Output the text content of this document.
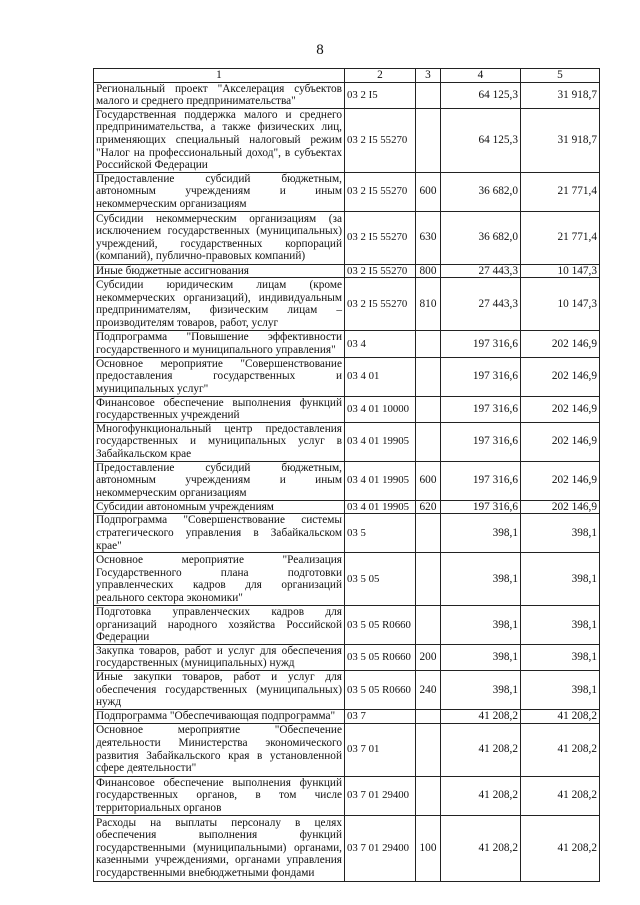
8
1	2	3	4	5
Региональный проект "Акселерация субъектов малого и среднего предпринимательства"	03 2 I5		64 125,3	31 918,7
Государственная поддержка малого и среднего предпринимательства, а также физических лиц, применяющих специальный налоговый режим "Налог на профессиональный доход", в субъектах Российской Федерации	03 2 I5 55270		64 125,3	31 918,7
Предоставление субсидий бюджетным, автономным учреждениям и иным некоммерческим организациям	03 2 I5 55270	600	36 682,0	21 771,4
Субсидии некоммерческим организациям (за исключением государственных (муниципальных) учреждений, государственных корпораций (компаний), публично-правовых компаний)	03 2 I5 55270	630	36 682,0	21 771,4
Иные бюджетные ассигнования	03 2 I5 55270	800	27 443,3	10 147,3
Субсидии юридическим лицам (кроме некоммерческих организаций), индивидуальным предпринимателям, физическим лицам – производителям товаров, работ, услуг	03 2 I5 55270	810	27 443,3	10 147,3
Подпрограмма "Повышение эффективности государственного и муниципального управления"	03 4		197 316,6	202 146,9
Основное мероприятие "Совершенствование предоставления государственных и муниципальных услуг"	03 4 01		197 316,6	202 146,9
Финансовое обеспечение выполнения функций государственных учреждений	03 4 01 10000		197 316,6	202 146,9
Многофункциональный центр предоставления государственных и муниципальных услуг в Забайкальском крае	03 4 01 19905		197 316,6	202 146,9
Предоставление субсидий бюджетным, автономным учреждениям и иным некоммерческим организациям	03 4 01 19905	600	197 316,6	202 146,9
Субсидии автономным учреждениям	03 4 01 19905	620	197 316,6	202 146,9
Подпрограмма "Совершенствование системы стратегического управления в Забайкальском крае"	03 5		398,1	398,1
Основное мероприятие "Реализация Государственного плана подготовки управленческих кадров для организаций реального сектора экономики"	03 5 05		398,1	398,1
Подготовка управленческих кадров для организаций народного хозяйства Российской Федерации	03 5 05 R0660		398,1	398,1
Закупка товаров, работ и услуг для обеспечения государственных (муниципальных) нужд	03 5 05 R0660	200	398,1	398,1
Иные закупки товаров, работ и услуг для обеспечения государственных (муниципальных) нужд	03 5 05 R0660	240	398,1	398,1
Подпрограмма "Обеспечивающая подпрограмма"	03 7		41 208,2	41 208,2
Основное мероприятие "Обеспечение деятельности Министерства экономического развития Забайкальского края в установленной сфере деятельности"	03 7 01		41 208,2	41 208,2
Финансовое обеспечение выполнения функций государственных органов, в том числе территориальных органов	03 7 01 29400		41 208,2	41 208,2
Расходы на выплаты персоналу в целях обеспечения выполнения функций государственными (муниципальными) органами, казенными учреждениями, органами управления государственными внебюджетными фондами	03 7 01 29400	100	41 208,2	41 208,2
